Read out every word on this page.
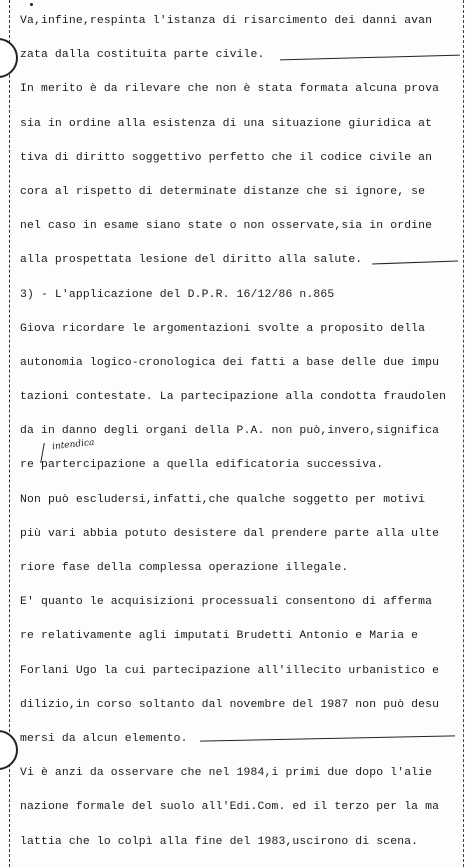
Va,infine,respinta l'istanza di risarcimento dei danni avan
zata dalla costituita parte civile.
In merito è da rilevare che non è stata formata alcuna prova
sia in ordine alla esistenza di una situazione giuridica at
tiva di diritto soggettivo perfetto che il codice civile an
cora al rispetto di determinate distanze che si ignore, se
nel caso in esame siano state o non osservate,sia in ordine
alla prospettata lesione del diritto alla salute.
3) - L'applicazione del D.P.R. 16/12/86 n.865
Giova ricordare le argomentazioni svolte a proposito della
autonomia logico-cronologica dei fatti a base delle due impu
tazioni contestate. La partecipazione alla condotta fraudolen
da in danno degli organi della P.A. non può,invero,significa
re partercipazione a quella edificatoria successiva.
Non può escludersi,infatti,che qualche soggetto per motivi
più vari abbia potuto desistere dal prendere parte alla ulte
riore fase della complessa operazione illegale.
E' quanto le acquisizioni processuali consentono di afferma
re relativamente agli imputati Brudetti Antonio e Maria e
Forlani Ugo la cui partecipazione all'illecito urbanistico e
dilizio,in corso soltanto dal novembre del 1987 non può desu
mersi da alcun elemento.
Vi è anzi da osservare che nel 1984,i primi due dopo l'alie
nazione formale del suolo all'Edi.Com. ed il terzo per la ma
lattia che lo colpì alla fine del 1983,uscirono di scena.
intendica
